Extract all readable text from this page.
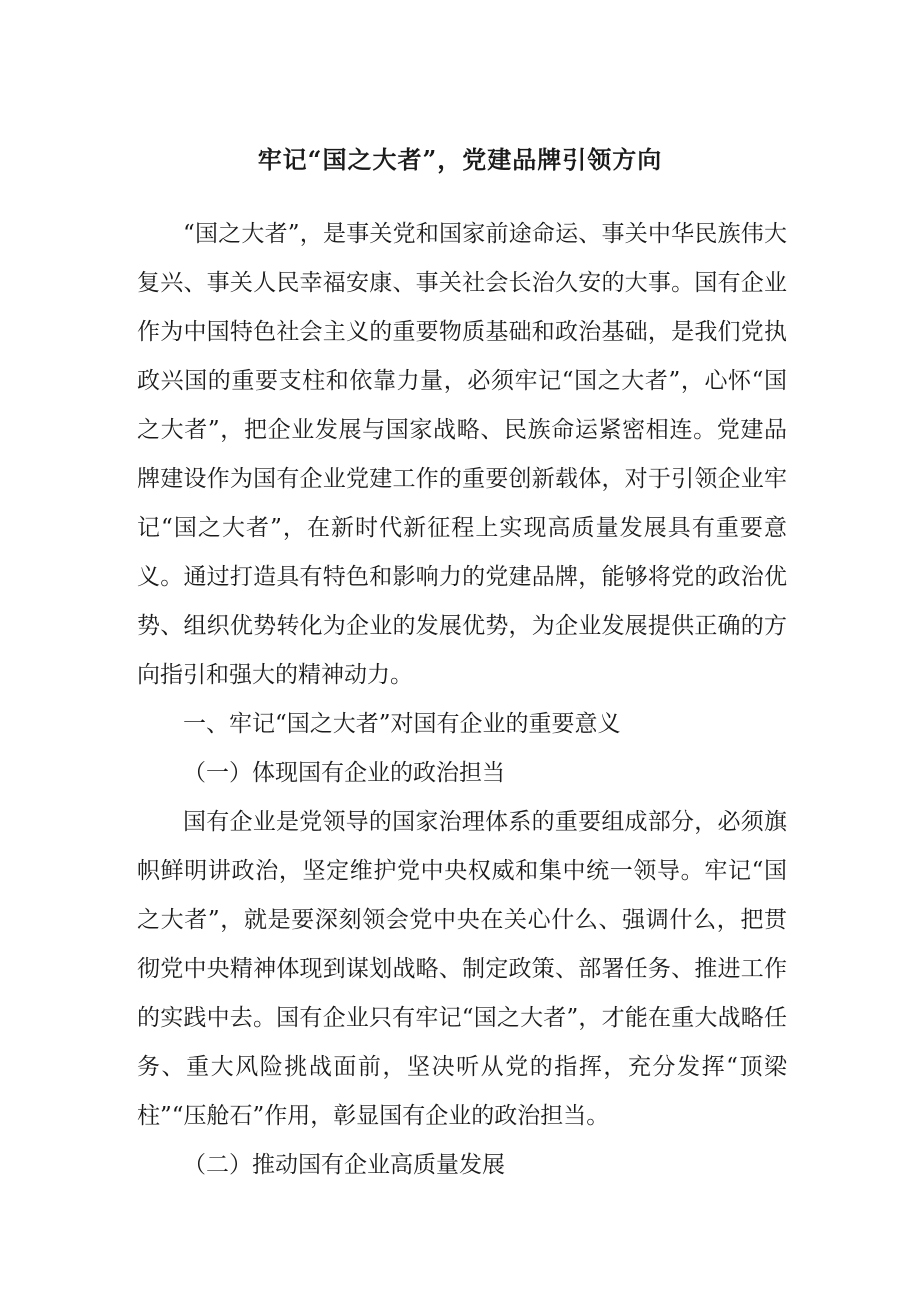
牢记“国之大者”，党建品牌引领方向

“国之大者”，是事关党和国家前途命运、事关中华民族伟大复兴、事关人民幸福安康、事关社会长治久安的大事。国有企业作为中国特色社会主义的重要物质基础和政治基础，是我们党执政兴国的重要支柱和依靠力量，必须牢记“国之大者”，心怀“国之大者”，把企业发展与国家战略、民族命运紧密相连。党建品牌建设作为国有企业党建工作的重要创新载体，对于引领企业牢记“国之大者”，在新时代新征程上实现高质量发展具有重要意义。通过打造具有特色和影响力的党建品牌，能够将党的政治优势、组织优势转化为企业的发展优势，为企业发展提供正确的方向指引和强大的精神动力。

一、牢记“国之大者”对国有企业的重要意义

（一）体现国有企业的政治担当

国有企业是党领导的国家治理体系的重要组成部分，必须旗帜鲜明讲政治，坚定维护党中央权威和集中统一领导。牢记“国之大者”，就是要深刻领会党中央在关心什么、强调什么，把贯彻党中央精神体现到谋划战略、制定政策、部署任务、推进工作的实践中去。国有企业只有牢记“国之大者”，才能在重大战略任务、重大风险挑战面前，坚决听从党的指挥，充分发挥“顶梁柱”“压舱石”作用，彰显国有企业的政治担当。

（二）推动国有企业高质量发展
